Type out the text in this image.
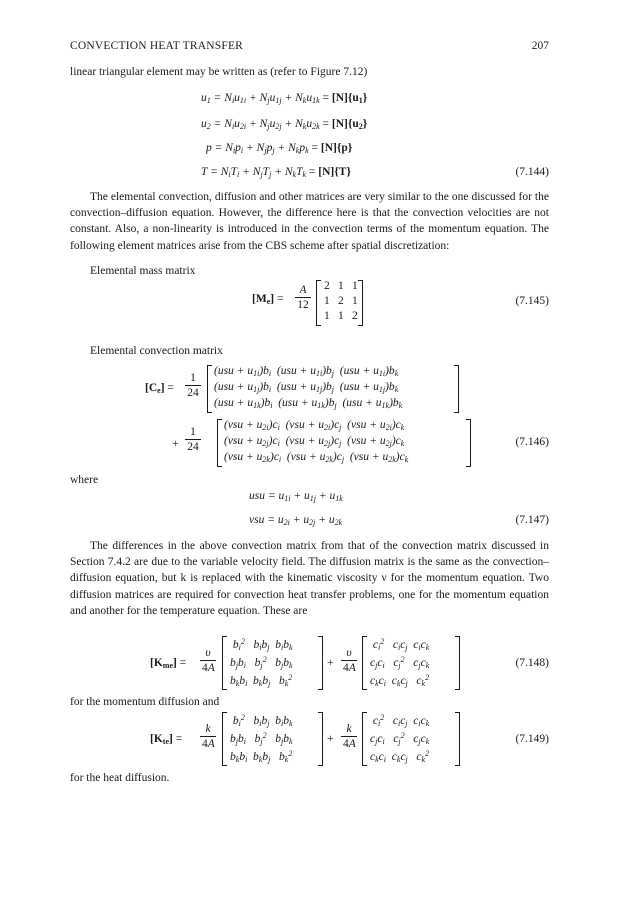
CONVECTION HEAT TRANSFER	207
linear triangular element may be written as (refer to Figure 7.12)
$u_1 = N_iu_{1i} + N_ju_{1j} + N_ku_{1k} = [N]\{u_1\}$
$u_2 = N_iu_{2i} + N_ju_{2j} + N_ku_{2k} = [N]\{u_2\}$
$p = N_ip_i + N_jp_j + N_kp_k = [N]\{p\}$
$T = N_iT_i + N_jT_j + N_kT_k = [N]\{T\}$	(7.144)
The elemental convection, diffusion and other matrices are very similar to the one discussed for the convection–diffusion equation. However, the difference here is that the convection velocities are not constant. Also, a non-linearity is introduced in the convection terms of the momentum equation. The following element matrices arise from the CBS scheme after spatial discretization:
Elemental mass matrix
$[M_e]$ =
A
12
2 1 1
1 2 1
1 1 2
(7.145)
Elemental convection matrix
$[C_e]$ =
1
24
$(usu + u_{1i})b_i$  $(usu + u_{1i})b_j$  $(usu + u_{1i})b_k$
$(usu + u_{1j})b_i$  $(usu + u_{1j})b_j$  $(usu + u_{1j})b_k$
$(usu + u_{1k})b_i$  $(usu + u_{1k})b_j$  $(usu + u_{1k})b_k$
+
1
24
$(vsu + u_{2i})c_i$  $(vsu + u_{2i})c_j$  $(vsu + u_{2i})c_k$
$(vsu + u_{2j})c_i$  $(vsu + u_{2j})c_j$  $(vsu + u_{2j})c_k$
$(vsu + u_{2k})c_i$  $(vsu + u_{2k})c_j$  $(vsu + u_{2k})c_k$
(7.146)
where
usu = $u_{1i} + u_{1j} + u_{1k}$
vsu = $u_{2i} + u_{2j} + u_{2k}$	(7.147)
The differences in the above convection matrix from that of the convection matrix discussed in Section 7.4.2 are due to the variable velocity field. The diffusion matrix is the same as the convection–diffusion equation, but k is replaced with the kinematic viscosity ν for the momentum equation. Two diffusion matrices are required for convection heat transfer problems, one for the momentum equation and another for the temperature equation. These are
$[K_{me}]$ =
υ
4A
$b_i^2$   $b_ib_j$  $b_ib_k$
$b_jb_i$   $b_j^2$   $b_jb_k$
$b_kb_i$  $b_kb_j$   $b_k^2$
+
υ
4A
$c_i^2$   $c_ic_j$  $c_ic_k$
$c_jc_i$   $c_j^2$   $c_jc_k$
$c_kc_i$  $c_kc_j$   $c_k^2$
(7.148)
for the momentum diffusion and
$[K_{te}]$ =
k
4A
$b_i^2$   $b_ib_j$  $b_ib_k$
$b_jb_i$   $b_j^2$   $b_jb_k$
$b_kb_i$  $b_kb_j$   $b_k^2$
+
k
4A
$c_i^2$   $c_ic_j$  $c_ic_k$
$c_jc_i$   $c_j^2$   $c_jc_k$
$c_kc_i$  $c_kc_j$   $c_k^2$
(7.149)
for the heat diffusion.
